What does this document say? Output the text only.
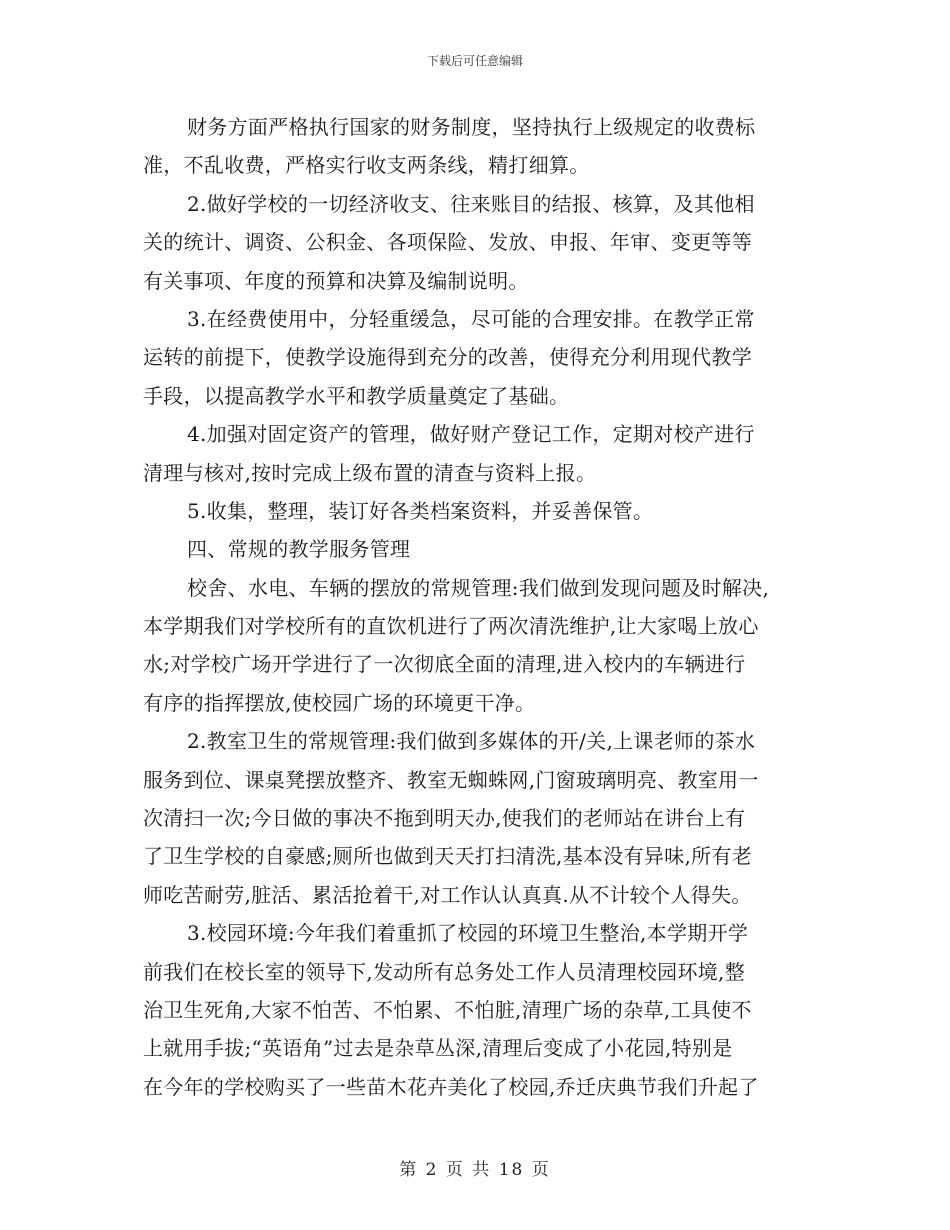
下载后可任意编辑
财务方面严格执行国家的财务制度，坚持执行上级规定的收费标
准，不乱收费，严格实行收支两条线，精打细算。
2.做好学校的一切经济收支、往来账目的结报、核算，及其他相
关的统计、调资、公积金、各项保险、发放、申报、年审、变更等等
有关事项、年度的预算和决算及编制说明。
3.在经费使用中，分轻重缓急，尽可能的合理安排。在教学正常
运转的前提下，使教学设施得到充分的改善，使得充分利用现代教学
手段，以提高教学水平和教学质量奠定了基础。
4.加强对固定资产的管理，做好财产登记工作，定期对校产进行
清理与核对,按时完成上级布置的清查与资料上报。
5.收集，整理，装订好各类档案资料，并妥善保管。
四、常规的教学服务管理
校舍、水电、车辆的摆放的常规管理:我们做到发现问题及时解决,
本学期我们对学校所有的直饮机进行了两次清洗维护,让大家喝上放心
水;对学校广场开学进行了一次彻底全面的清理,进入校内的车辆进行
有序的指挥摆放,使校园广场的环境更干净。
2.教室卫生的常规管理:我们做到多媒体的开/关,上课老师的茶水
服务到位、课桌凳摆放整齐、教室无蜘蛛网,门窗玻璃明亮、教室用一
次清扫一次;今日做的事决不拖到明天办,使我们的老师站在讲台上有
了卫生学校的自豪感;厕所也做到天天打扫清洗,基本没有异味,所有老
师吃苦耐劳,脏活、累活抢着干,对工作认认真真.从不计较个人得失。
3.校园环境:今年我们着重抓了校园的环境卫生整治,本学期开学
前我们在校长室的领导下,发动所有总务处工作人员清理校园环境,整
治卫生死角,大家不怕苦、不怕累、不怕脏,清理广场的杂草,工具使不
上就用手拔;“英语角”过去是杂草丛深,清理后变成了小花园,特别是
在今年的学校购买了一些苗木花卉美化了校园,乔迁庆典节我们升起了
第 2 页 共 18 页
